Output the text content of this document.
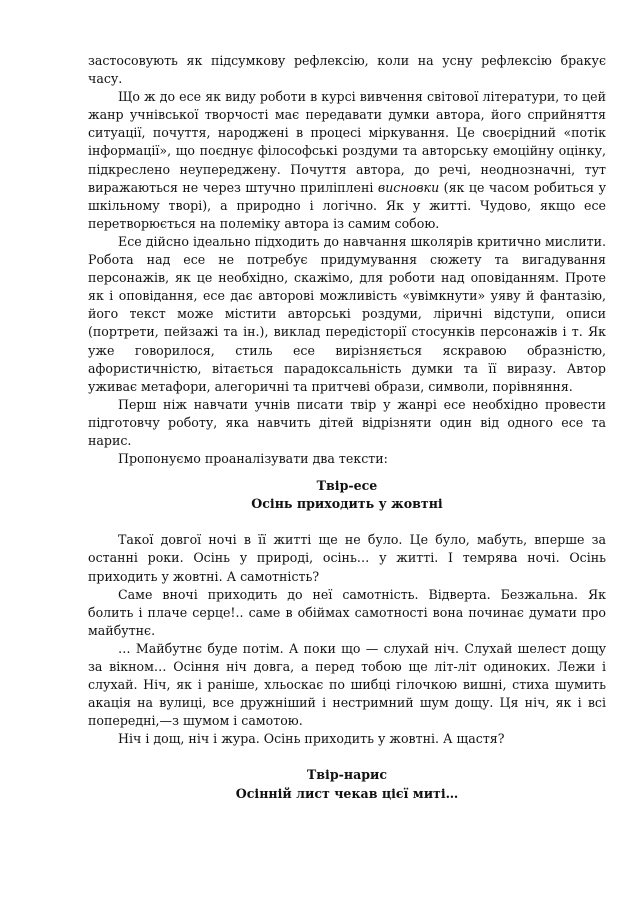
застосовують як підсумкову рефлексію, коли на усну рефлексію бракує часу.

Що ж до есе як виду роботи в курсі вивчення світової літератури, то цей жанр учнівської творчості має передавати думки автора, його сприйняття ситуації, почуття, народжені в процесі міркування. Це своєрідний «потік інформації», що поєднує філософські роздуми та авторську емоційну оцінку, підкреслено неупереджену. Почуття автора, до речі, неоднозначні, тут виражаються не через штучно приліплені висновки (як це часом робиться у шкільному творі), а природно і логічно. Як у житті. Чудово, якщо есе перетворюється на полеміку автора із самим собою.

Есе дійсно ідеально підходить до навчання школярів критично мислити. Робота над есе не потребує придумування сюжету та вигадування персонажів, як це необхідно, скажімо, для роботи над оповіданням. Проте як і оповідання, есе дає авторові можливість «увімкнути» уяву й фантазію, його текст може містити авторські роздуми, ліричні відступи, описи (портрети, пейзажі та ін.), виклад передісторії стосунків персонажів і т. Як уже говорилося, стиль есе вирізняється яскравою образністю, афористичністю, вітається парадоксальність думки та її виразу. Автор уживає метафори, алегоричні та притчеві образи, символи, порівняння.

Перш ніж навчати учнів писати твір у жанрі есе необхідно провести підготовчу роботу, яка навчить дітей відрізняти один від одного есе та нарис.

Пропонуємо проаналізувати два тексти:

Твір-есе
Осінь приходить у жовтні

Такої довгої ночі в її житті ще не було. Це було, мабуть, вперше за останні роки. Осінь у природі, осінь… у житті. І темрява ночі. Осінь приходить у жовтні. А самотність?

Саме вночі приходить до неї самотність. Відверта. Безжальна. Як болить і плаче серце!.. саме в обіймах самотності вона починає думати про майбутнє.

… Майбутнє буде потім. А поки що — слухай ніч. Слухай шелест дощу за вікном… Осіння ніч довга, а перед тобою ще літ-літ одиноких. Лежи і слухай. Ніч, як і раніше, хльоскає по шибці гілочкою вишні, стиха шумить акація на вулиці, все дружніший і нестримний шум дощу. Ця ніч, як і всі попередні,—з шумом і самотою.

Ніч і дощ, ніч і жура. Осінь приходить у жовтні. А щастя?

Твір-нарис
Осінній лист чекав цієї миті…
